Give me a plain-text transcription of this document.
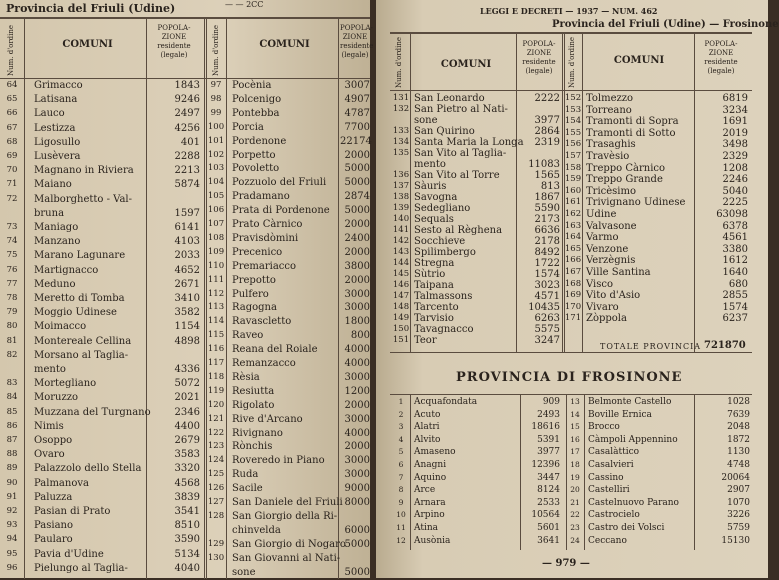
Provincia del Friuli (Udine)	— — 2CC
Num. d'ordine	COMUNI
POPOLA-ZIONE residente (legale)	Num. d'ordine	COMUNI
POPOLA-ZIONE residente (legale)
64	Grimacco	1843
65	Latisana	9246
66	Lauco	2497
67	Lestizza	4256
68	Ligosullo	401
69	Lusèvera	2288
70	Magnano in Riviera	2213
71	Maiano	5874
72	Malborghetto - Val-
bruna	1597
73	Maniago	6141
74	Manzano	4103
75	Marano Lagunare	2033
76	Martignacco	4652
77	Meduno	2671
78	Meretto di Tomba	3410
79	Moggio Udinese	3582
80	Moimacco	1154
81	Montereale Cellina	4898
82	Morsano al Taglia-
mento	4336
83	Mortegliano	5072
84	Moruzzo	2021
85	Muzzana del Turgnano	2346
86	Nimis	4400
87	Osoppo	2679
88	Ovaro	3583
89	Palazzolo dello Stella	3320
90	Palmanova	4568
91	Paluzza	3839
92	Pasian di Prato	3541
93	Pasiano	8510
94	Paularo	3590
95	Pavia d'Udine	5134
96	Pielungo al Taglia-	4040
97	Pocènia	3007
98	Polcenigo	4907
99	Pontebba	4787
100 Porcia	7700
101 Pordenone	22174
102 Porpetto	2000
103 Povoletto	5000
104 Pozzuolo del Friuli	5000
105 Pradamano	2874
106 Prata di Pordenone	5000
107 Prato Càrnico	2000
108 Pravisdòmini	2400
109 Precenico	2000
110 Premariacco	3800
111 Prepotto	2000
112 Pulfero	3000
113 Ragogna	3000
114 Ravascletto	1800
115 Raveo	800
116 Reana del Roiale	4000
117 Remanzacco	4000
118 Rèsia	3000
119 Resiutta	1200
120 Rigolato	2000
121 Rive d'Arcano	3000
122 Rivignano	4000
123 Rònchis	2000
124 Roveredo in Piano	3000
125 Ruda	3000
126 Sacile	9000
127 San Daniele del Friuli 8000
128 San Giorgio della Ri-
chinvelda	6000
129 San Giorgio di Nogaro
5000
130 San Giovanni al Nati-
sone	5000
LEGGI E DECRETI — 1937 — NUM. 462
Provincia del Friuli (Udine) — Frosinone
Num. d'ordine	COMUNI
POPOLA-ZIONE residente (legale)	Num. d'ordine	COMUNI
POPOLA-ZIONE residente (legale)
131 San Leonardo	2222
132 San Pietro al Nati-
sone	3977
133 San Quirino	2864
134 Santa Maria la Longa	2319
135 San Vito al Taglia-
mento	11083
136 San Vito al Torre	1565
137 Sàuris	813
138 Savogna	1867
139 Sedegliano	5590
140 Sequals	2173
141 Sesto al Règhena	6636
142 Socchieve	2178
143 Spilimbergo	8492
144 Stregna	1722
145 Sùtrio	1574
146 Taipana	3023
147 Talmassons	4571
148 Tarcento	10435
149 Tarvisio	6263
150 Tavagnacco	5575
151 Teor	3247
152 Tolmezzo	6819
153 Torreano	3234
154 Tramonti di Sopra	1691
155 Tramonti di Sotto	2019
156 Trasaghis	3498
157 Travèsio	2329
158 Treppo Càrnico	1208
159 Treppo Grande	2246
160 Tricèsimo	5040
161 Trivignano Udinese	2225
162 Udine	63098
163 Valvasone	6378
164 Varmo	4561
165 Venzone	3380
166 Verzègnis	1612
167 Ville Santina	1640
168 Visco	680
169 Vito d'Asio	2855
170 Vivaro	1574
171 Zòppola	6237
TOTALE PROVINCIA 721870
PROVINCIA DI FROSINONE
1	Acquafondata	909
2	Acuto	2493
3	Alatri	18616
4	Alvito	5391
5	Amaseno	3977
6	Anagni	12396
7	Aquino	3447
8	Arce	8124
9	Arnara	2533
10 Arpino	10564
11 Atina	5601
12 Ausònia	3641
13 Belmonte Castello	1028
14 Boville Ernica	7639
15 Brocco	2048
16 Càmpoli Appennino	1872
17 Casalàttico	1130
18 Casalvieri	4748
19 Cassino	20064
20 Castelliri	2907
21 Castelnuovo Parano	1070
22 Castrocielo	3226
23 Castro dei Volsci	5759
24 Ceccano	15130
— 979 —
